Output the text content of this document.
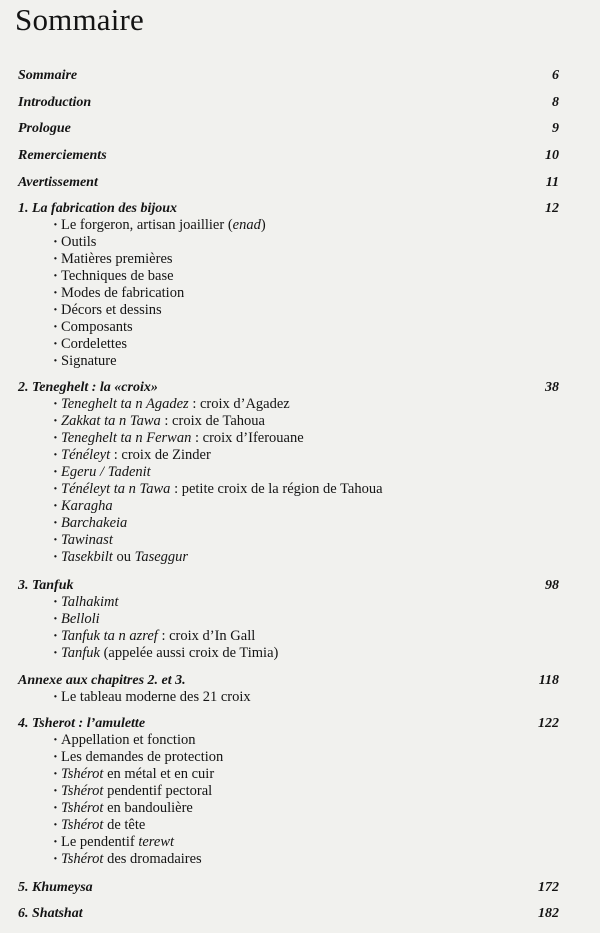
Sommaire
Sommaire	6
Introduction	8
Prologue	9
Remerciements	10
Avertissement	11
1. La fabrication des bijoux	12
· Le forgeron, artisan joaillier (enad)
· Outils
· Matières premières
· Techniques de base
· Modes de fabrication
· Décors et dessins
· Composants
· Cordelettes
· Signature
2. Teneghelt : la «croix»	38
· Teneghelt ta n Agadez : croix d’Agadez
· Zakkat ta n Tawa : croix de Tahoua
· Teneghelt ta n Ferwan : croix d’Iferouane
· Ténéleyt : croix de Zinder
· Egeru / Tadenit
· Ténéleyt ta n Tawa : petite croix de la région de Tahoua
· Karagha
· Barchakeia
· Tawinast
· Tasekbilt ou Taseggur
3. Tanfuk	98
· Talhakimt
· Belloli
· Tanfuk ta n azref : croix d’In Gall
· Tanfuk (appelée aussi croix de Timia)
Annexe aux chapitres 2. et 3.	118
· Le tableau moderne des 21 croix
4. Tsherot : l’amulette	122
· Appellation et fonction
· Les demandes de protection
· Tshérot en métal et en cuir
· Tshérot pendentif pectoral
· Tshérot en bandoulière
· Tshérot de tête
· Le pendentif terewt
· Tshérot des dromadaires
5. Khumeysa	172
6. Shatshat	182
